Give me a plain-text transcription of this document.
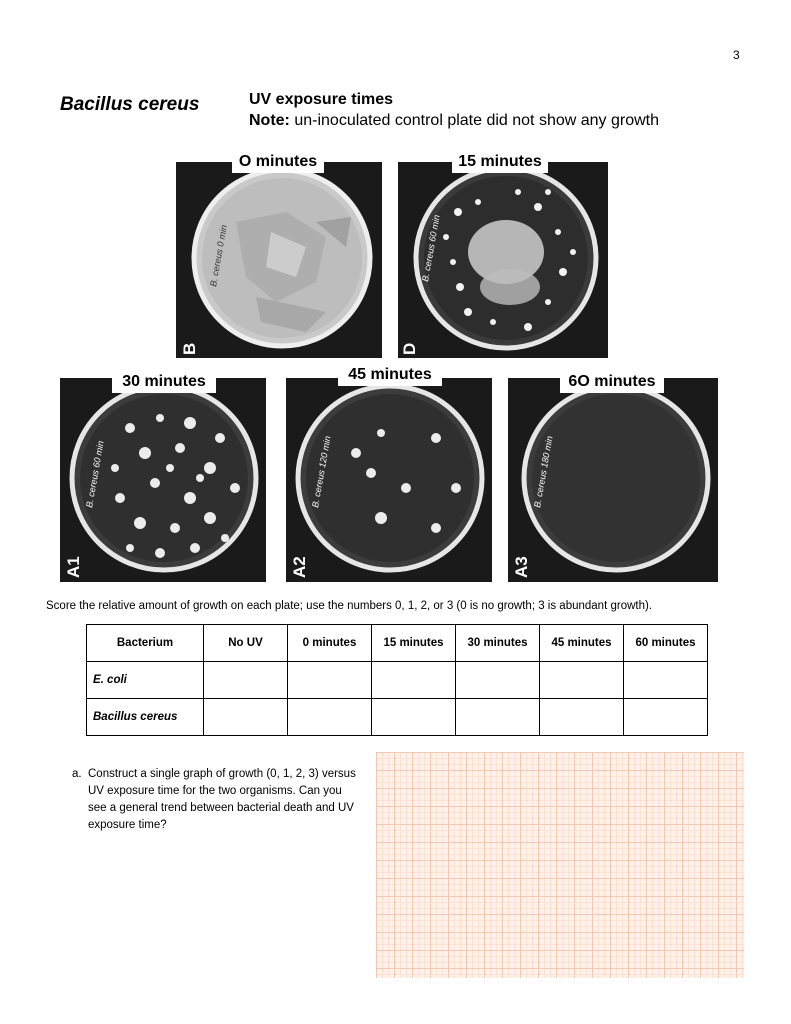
3
Bacillus cereus	UV exposure times
Note: un-inoculated control plate did not show any growth
B. cereus 0 min
B
O minutes
B. cereus 60 min
D
15 minutes
B. cereus 60 min
A1
30 minutes
B. cereus 120 min
A2
45 minutes
B. cereus 180 min
A3
6O minutes
Score the relative amount of growth on each plate; use the numbers 0, 1, 2, or 3 (0 is no growth; 3 is abundant growth).
Bacterium	No UV	0 minutes	15 minutes	30 minutes	45 minutes	60 minutes
E. coli						
Bacillus cereus						
a. Construct a single graph of growth (0, 1, 2, 3) versus UV exposure time for the two organisms. Can you see a general trend between bacterial death and UV exposure time?
